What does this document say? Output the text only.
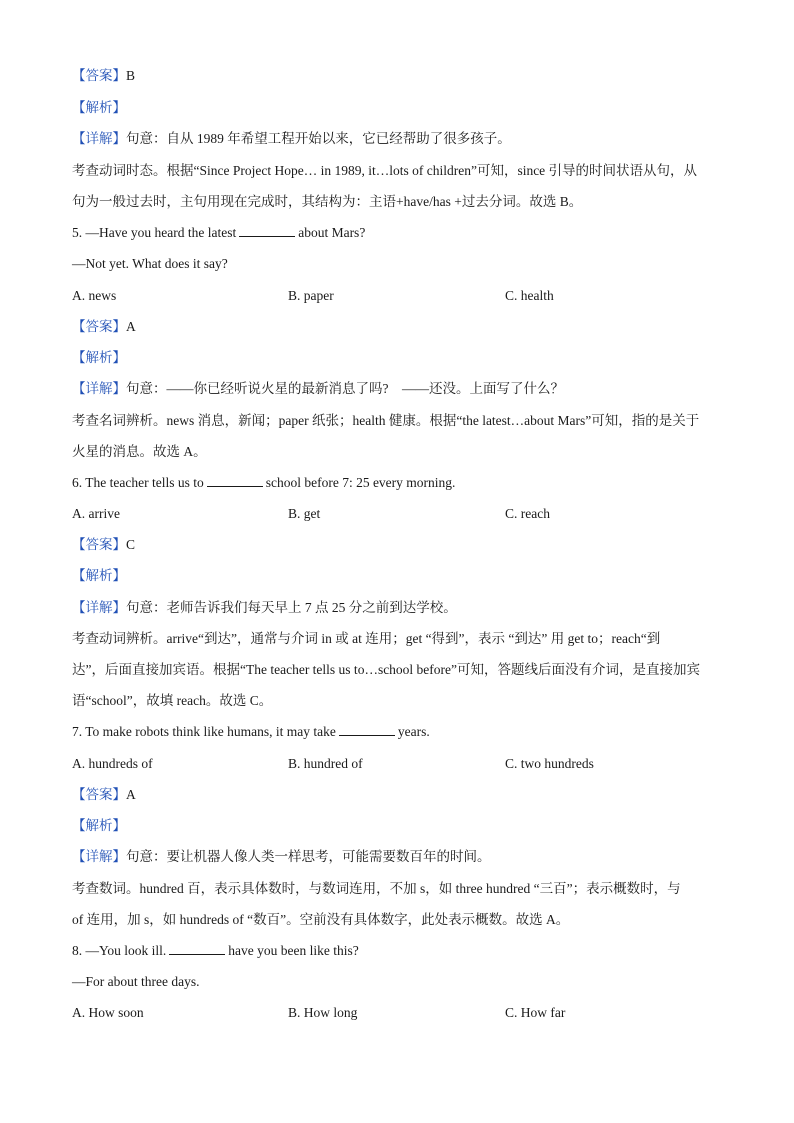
【答案】B
【解析】
【详解】句意：自从 1989 年希望工程开始以来，它已经帮助了很多孩子。
考查动词时态。根据“Since Project Hope… in 1989, it…lots of children”可知，since 引导的时间状语从句，从
句为一般过去时，主句用现在完成时，其结构为：主语+have/has +过去分词。故选 B。
5. —Have you heard the latest	about Mars?
—Not yet. What does it say?
A. news	B. paper	C. health
【答案】A
【解析】
【详解】句意：——你已经听说火星的最新消息了吗?　——还没。上面写了什么？
考查名词辨析。news 消息，新闻；paper 纸张；health 健康。根据“the latest…about Mars”可知，指的是关于
火星的消息。故选 A。
6. The teacher tells us to	school before 7: 25 every morning.
A. arrive	B. get	C. reach
【答案】C
【解析】
【详解】句意：老师告诉我们每天早上 7 点 25 分之前到达学校。
考查动词辨析。arrive“到达”，通常与介词 in 或 at 连用；get “得到”，表示 “到达” 用 get to；reach“到
达”，后面直接加宾语。根据“The teacher tells us to…school before”可知，答题线后面没有介词，是直接加宾
语“school”，故填 reach。故选 C。
7. To make robots think like humans, it may take	years.
A. hundreds of	B. hundred of	C. two hundreds
【答案】A
【解析】
【详解】句意：要让机器人像人类一样思考，可能需要数百年的时间。
考查数词。hundred 百，表示具体数时，与数词连用，不加 s，如 three hundred “三百”；表示概数时，与
of 连用，加 s，如 hundreds of “数百”。空前没有具体数字，此处表示概数。故选 A。
8. —You look ill.	have you been like this?
—For about three days.
A. How soon	B. How long	C. How far
